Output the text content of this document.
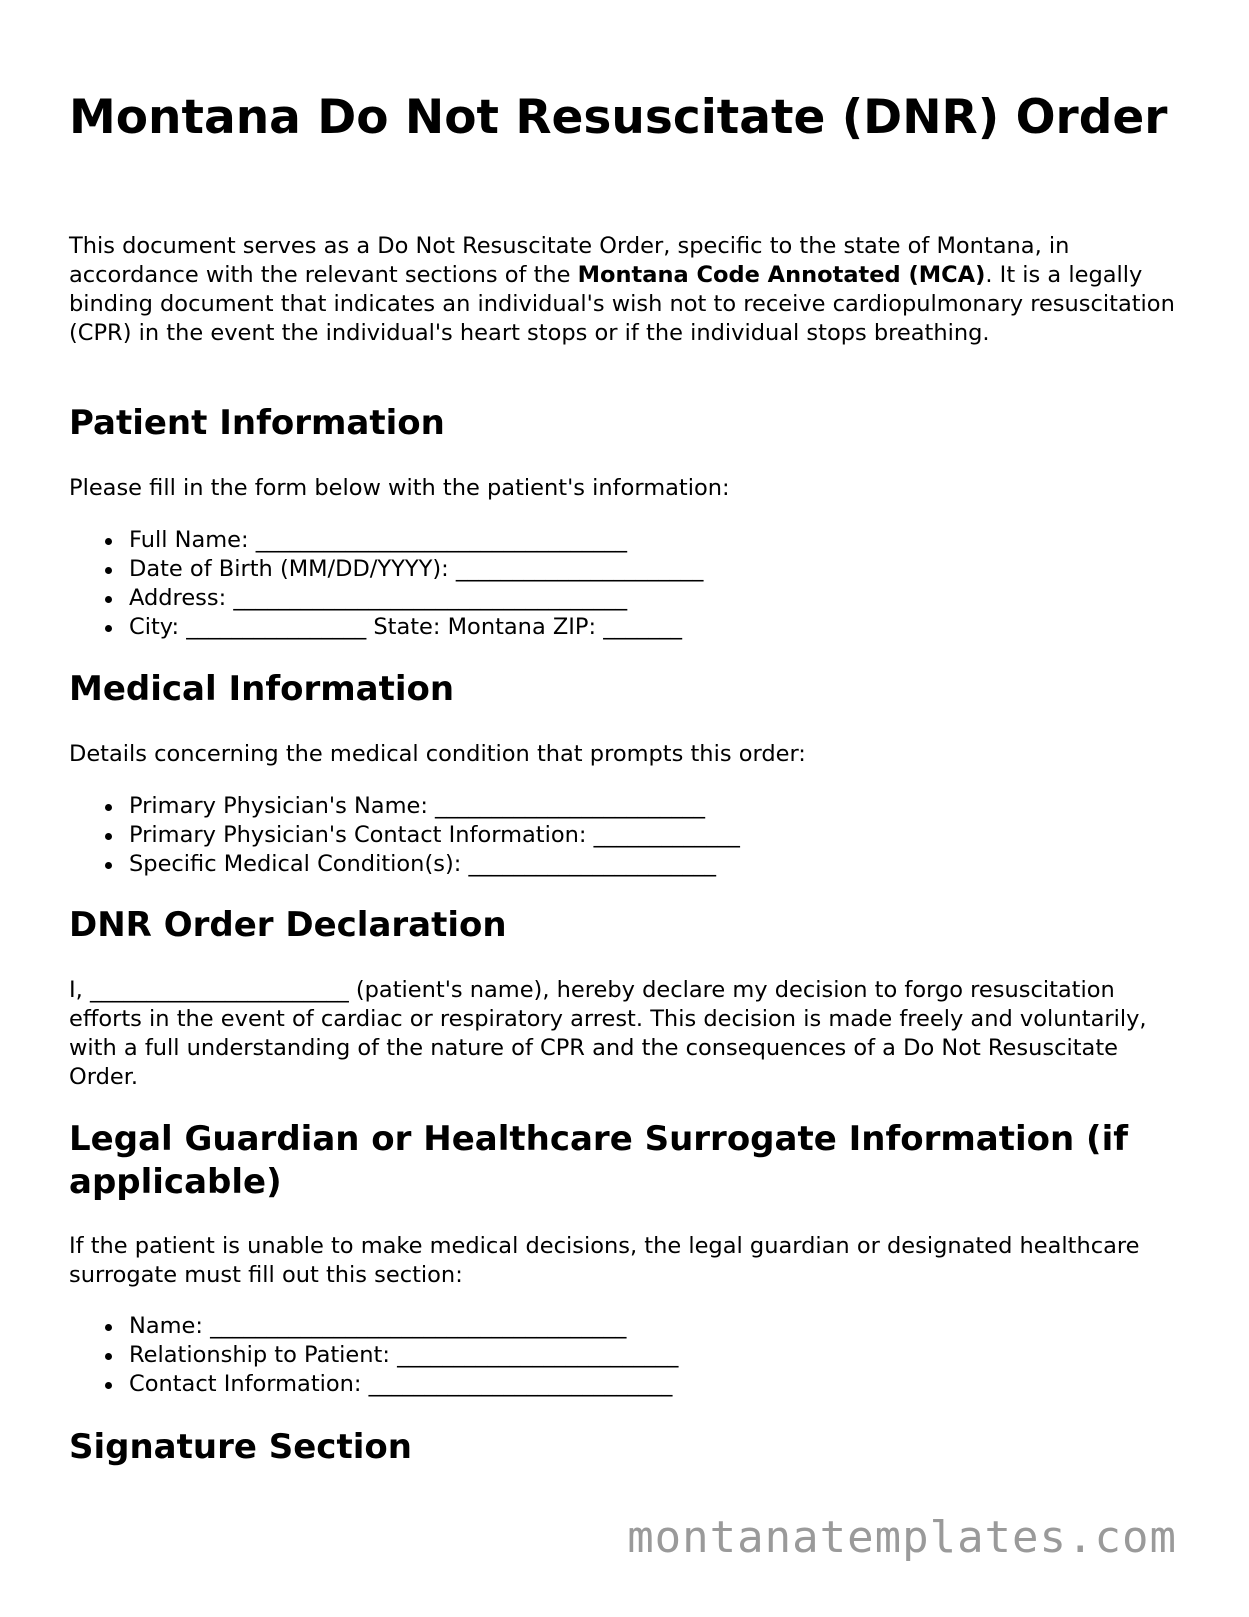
Montana Do Not Resuscitate (DNR) Order

This document serves as a Do Not Resuscitate Order, specific to the state of Montana, in accordance with the relevant sections of the Montana Code Annotated (MCA). It is a legally binding document that indicates an individual's wish not to receive cardiopulmonary resuscitation (CPR) in the event the individual's heart stops or if the individual stops breathing.

Patient Information

Please fill in the form below with the patient's information:

Full Name: _________________________________
Date of Birth (MM/DD/YYYY): ______________________
Address: ___________________________________
City: ________________ State: Montana ZIP: _______
Medical Information

Details concerning the medical condition that prompts this order:

Primary Physician's Name: ________________________
Primary Physician's Contact Information: _____________
Specific Medical Condition(s): ______________________
DNR Order Declaration

I, _______________________ (patient's name), hereby declare my decision to forgo resuscitation efforts in the event of cardiac or respiratory arrest. This decision is made freely and voluntarily, with a full understanding of the nature of CPR and the consequences of a Do Not Resuscitate Order.

Legal Guardian or Healthcare Surrogate Information (if applicable)

If the patient is unable to make medical decisions, the legal guardian or designated healthcare surrogate must fill out this section:

Name: _____________________________________
Relationship to Patient: _________________________
Contact Information: ___________________________
Signature Section
montanatemplates.com
